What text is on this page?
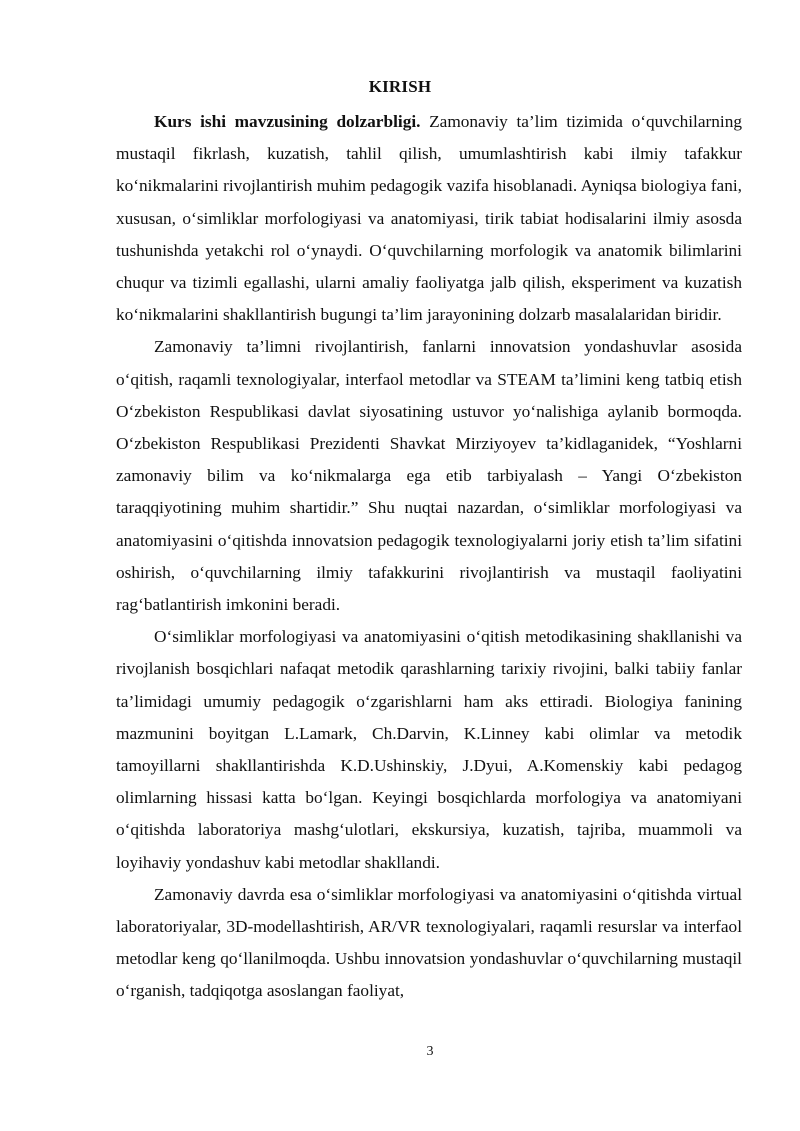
KIRISH

Kurs ishi mavzusining dolzarbligi. Zamonaviy ta’lim tizimida o‘quvchilarning mustaqil fikrlash, kuzatish, tahlil qilish, umumlashtirish kabi ilmiy tafakkur ko‘nikmalarini rivojlantirish muhim pedagogik vazifa hisoblanadi. Ayniqsa biologiya fani, xususan, o‘simliklar morfologiyasi va anatomiyasi, tirik tabiat hodisalarini ilmiy asosda tushunishda yetakchi rol o‘ynaydi. O‘quvchilarning morfologik va anatomik bilimlarini chuqur va tizimli egallashi, ularni amaliy faoliyatga jalb qilish, eksperiment va kuzatish ko‘nikmalarini shakllantirish bugungi ta’lim jarayonining dolzarb masalalaridan biridir.

Zamonaviy ta’limni rivojlantirish, fanlarni innovatsion yondashuvlar asosida o‘qitish, raqamli texnologiyalar, interfaol metodlar va STEAM ta’limini keng tatbiq etish O‘zbekiston Respublikasi davlat siyosatining ustuvor yo‘nalishiga aylanib bormoqda. O‘zbekiston Respublikasi Prezidenti Shavkat Mirziyoyev ta’kidlaganidek, “Yoshlarni zamonaviy bilim va ko‘nikmalarga ega etib tarbiyalash – Yangi O‘zbekiston taraqqiyotining muhim shartidir.” Shu nuqtai nazardan, o‘simliklar morfologiyasi va anatomiyasini o‘qitishda innovatsion pedagogik texnologiyalarni joriy etish ta’lim sifatini oshirish, o‘quvchilarning ilmiy tafakkurini rivojlantirish va mustaqil faoliyatini rag‘batlantirish imkonini beradi.

O‘simliklar morfologiyasi va anatomiyasini o‘qitish metodikasining shakllanishi va rivojlanish bosqichlari nafaqat metodik qarashlarning tarixiy rivojini, balki tabiiy fanlar ta’limidagi umumiy pedagogik o‘zgarishlarni ham aks ettiradi. Biologiya fanining mazmunini boyitgan L.Lamark, Ch.Darvin, K.Linney kabi olimlar va metodik tamoyillarni shakllantirishda K.D.Ushinskiy, J.Dyui, A.Komenskiy kabi pedagog olimlarning hissasi katta bo‘lgan. Keyingi bosqichlarda morfologiya va anatomiyani o‘qitishda laboratoriya mashg‘ulotlari, ekskursiya, kuzatish, tajriba, muammoli va loyihaviy yondashuv kabi metodlar shakllandi.

Zamonaviy davrda esa o‘simliklar morfologiyasi va anatomiyasini o‘qitishda virtual laboratoriyalar, 3D-modellashtirish, AR/VR texnologiyalari, raqamli resurslar va interfaol metodlar keng qo‘llanilmoqda. Ushbu innovatsion yondashuvlar o‘quvchilarning mustaqil o‘rganish, tadqiqotga asoslangan faoliyat,

3
